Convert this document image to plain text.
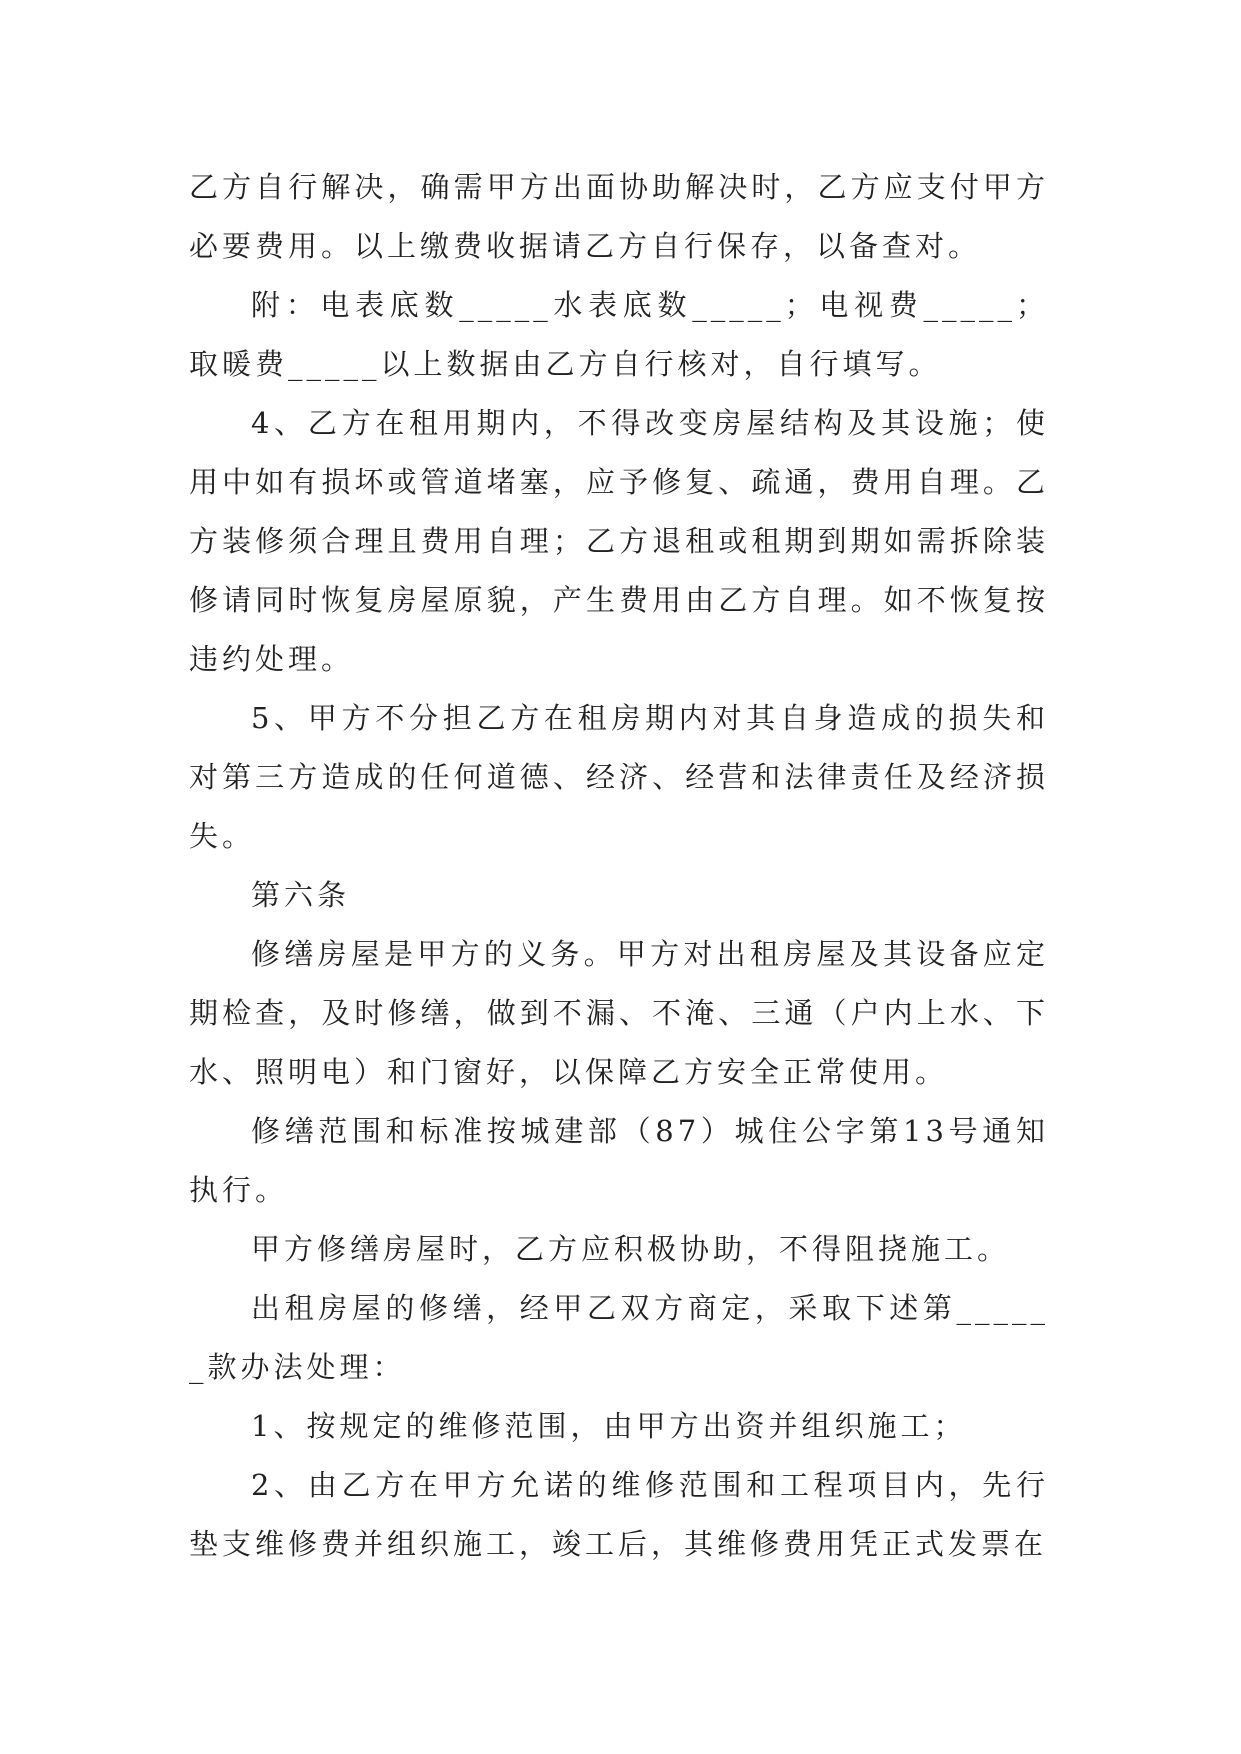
乙方自行解决，确需甲方出面协助解决时，乙方应支付甲方必要费用。以上缴费收据请乙方自行保存，以备查对。

附：电表底数_____水表底数_____；电视费_____；取暖费_____以上数据由乙方自行核对，自行填写。

4、乙方在租用期内，不得改变房屋结构及其设施；使用中如有损坏或管道堵塞，应予修复、疏通，费用自理。乙方装修须合理且费用自理；乙方退租或租期到期如需拆除装修请同时恢复房屋原貌，产生费用由乙方自理。如不恢复按违约处理。

5、甲方不分担乙方在租房期内对其自身造成的损失和对第三方造成的任何道德、经济、经营和法律责任及经济损失。

第六条

修缮房屋是甲方的义务。甲方对出租房屋及其设备应定期检查，及时修缮，做到不漏、不淹、三通（户内上水、下水、照明电）和门窗好，以保障乙方安全正常使用。

修缮范围和标准按城建部（87）城住公字第13号通知执行。

甲方修缮房屋时，乙方应积极协助，不得阻挠施工。

出租房屋的修缮，经甲乙双方商定，采取下述第______款办法处理：

1、按规定的维修范围，由甲方出资并组织施工；

2、由乙方在甲方允诺的维修范围和工程项目内，先行垫支维修费并组织施工，竣工后，其维修费用凭正式发票在
